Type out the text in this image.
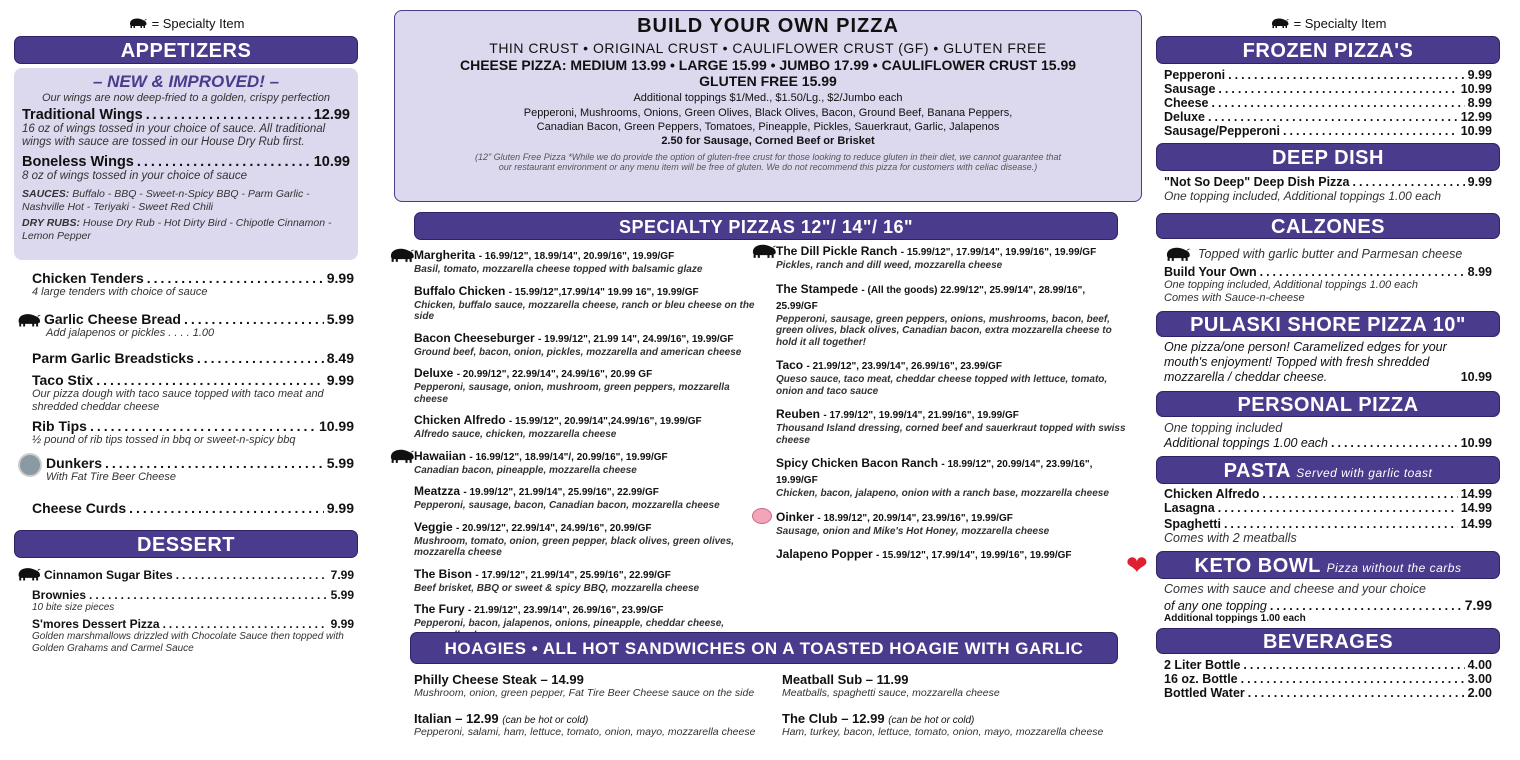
= Specialty Item
APPETIZERS
– NEW & IMPROVED! –
Our wings are now deep-fried to a golden, crispy perfection
Traditional Wings .....	12.99
16 oz of wings tossed in your choice of sauce. All traditional wings with sauce are tossed in our House Dry Rub first.
Boneless Wings .....	10.99
8 oz of wings tossed in your choice of sauce
SAUCES: Buffalo - BBQ - Sweet-n-Spicy BBQ - Parm Garlic - Nashville Hot - Teriyaki - Sweet Red Chili
DRY RUBS: House Dry Rub - Hot Dirty Bird - Chipotle Cinnamon - Lemon Pepper
Chicken Tenders .....	9.99
4 large tenders with choice of sauce
Garlic Cheese Bread .....	5.99
Add jalapenos or pickles . . . . 1.00
Parm Garlic Breadsticks .....	8.49
Taco Stix .....	9.99
Our pizza dough with taco sauce topped with taco meat and shredded cheddar cheese
Rib Tips .....	10.99
½ pound of rib tips tossed in bbq or sweet-n-spicy bbq
Dunkers .....	5.99
With Fat Tire Beer Cheese
Cheese Curds .....	9.99
DESSERT
Cinnamon Sugar Bites .....	7.99
Brownies .....	5.99
10 bite size pieces
S'mores Dessert Pizza .....	9.99
Golden marshmallows drizzled with Chocolate Sauce then topped with Golden Grahams and Carmel Sauce
BUILD YOUR OWN PIZZA
THIN CRUST • ORIGINAL CRUST • CAULIFLOWER CRUST (GF) • GLUTEN FREE
CHEESE PIZZA: MEDIUM 13.99 • LARGE 15.99 • JUMBO 17.99 • CAULIFLOWER CRUST 15.99
GLUTEN FREE 15.99
Additional toppings $1/Med., $1.50/Lg., $2/Jumbo each
Pepperoni, Mushrooms, Onions, Green Olives, Black Olives, Bacon, Ground Beef, Banana Peppers,
Canadian Bacon, Green Peppers, Tomatoes, Pineapple, Pickles, Sauerkraut, Garlic, Jalapenos
2.50 for Sausage, Corned Beef or Brisket
(12" Gluten Free Pizza *While we do provide the option of gluten-free crust for those looking to reduce gluten in their diet, we cannot guarantee that
our restaurant environment or any menu item will be free of gluten. We do not recommend this pizza for customers with celiac disease.)
SPECIALTY PIZZAS 12"/ 14"/ 16"
Margherita - 16.99/12", 18.99/14", 20.99/16", 19.99/GF
Basil, tomato, mozzarella cheese topped with balsamic glaze
Buffalo Chicken - 15.99/12",17.99/14" 19.99 16", 19.99/GF
Chicken, buffalo sauce, mozzarella cheese, ranch or bleu cheese on the side
Bacon Cheeseburger - 19.99/12", 21.99 14", 24.99/16", 19.99/GF
Ground beef, bacon, onion, pickles, mozzarella and american cheese
Deluxe - 20.99/12", 22.99/14", 24.99/16", 20.99 GF
Pepperoni, sausage, onion, mushroom, green peppers, mozzarella cheese
Chicken Alfredo - 15.99/12", 20.99/14",24.99/16", 19.99/GF
Alfredo sauce, chicken, mozzarella cheese
Hawaiian - 16.99/12", 18.99/14"/, 20.99/16", 19.99/GF
Canadian bacon, pineapple, mozzarella cheese
Meatzza - 19.99/12", 21.99/14", 25.99/16", 22.99/GF
Pepperoni, sausage, bacon, Canadian bacon, mozzarella cheese
Veggie - 20.99/12", 22.99/14", 24.99/16", 20.99/GF
Mushroom, tomato, onion, green pepper, black olives, green olives, mozzarella cheese
The Bison - 17.99/12", 21.99/14", 25.99/16", 22.99/GF
Beef brisket, BBQ or sweet & spicy BBQ, mozzarella cheese
The Fury - 21.99/12", 23.99/14", 26.99/16", 23.99/GF
Pepperoni, bacon, jalapenos, onions, pineapple, cheddar cheese,
The Dill Pickle Ranch - 15.99/12", 17.99/14", 19.99/16", 19.99/GF
Pickles, ranch and dill weed, mozzarella cheese
The Stampede - (All the goods) 22.99/12", 25.99/14", 28.99/16", 25.99/GF
Pepperoni, sausage, green peppers, onions, mushrooms, bacon, beef, green olives, black olives, Canadian bacon, extra mozzarella cheese to hold it all together!
Taco - 21.99/12", 23.99/14", 26.99/16", 23.99/GF
Queso sauce, taco meat, cheddar cheese topped with lettuce, tomato, onion and taco sauce
Reuben - 17.99/12", 19.99/14", 21.99/16", 19.99/GF
Thousand Island dressing, corned beef and sauerkraut topped with swiss cheese
Spicy Chicken Bacon Ranch - 18.99/12", 20.99/14", 23.99/16", 19.99/GF
Chicken, bacon, jalapeno, onion with a ranch base, mozzarella cheese
Oinker - 18.99/12", 20.99/14", 23.99/16", 19.99/GF
Sausage, onion and Mike's Hot Honey, mozzarella cheese
Jalapeno Popper - 15.99/12", 17.99/14", 19.99/16", 19.99/GF
HOAGIES • ALL HOT SANDWICHES ON A TOASTED HOAGIE WITH GARLIC BUTTER
Philly Cheese Steak – 14.99
Mushroom, onion, green pepper, Fat Tire Beer Cheese sauce on the side
Meatball Sub – 11.99
Meatballs, spaghetti sauce, mozzarella cheese
Italian – 12.99 (can be hot or cold)
Pepperoni, salami, ham, lettuce, tomato, onion, mayo, mozzarella cheese
The Club – 12.99 (can be hot or cold)
Ham, turkey, bacon, lettuce, tomato, onion, mayo, mozzarella cheese
= Specialty Item
FROZEN PIZZA'S
Pepperoni .....	9.99
Sausage .....	10.99
Cheese .....	8.99
Deluxe .....	12.99
Sausage/Pepperoni .....	10.99
DEEP DISH
"Not So Deep" Deep Dish Pizza .....	9.99
One topping included, Additional toppings 1.00 each
CALZONES
Topped with garlic butter and Parmesan cheese
Build Your Own .....	8.99
One topping included, Additional toppings 1.00 each
Comes with Sauce-n-cheese
PULASKI SHORE PIZZA 10"
One pizza/one person! Caramelized edges for your mouth's enjoyment! Topped with fresh shredded mozzarella / cheddar cheese.	10.99
PERSONAL PIZZA
One topping included
Additional toppings 1.00 each .....	10.99
PASTA Served with garlic toast
Chicken Alfredo .....	14.99
Lasagna .....	14.99
Spaghetti .....	14.99
Comes with 2 meatballs
❤	KETO BOWL Pizza without the carbs
Comes with sauce and cheese and your choice
of any one topping .....	7.99
Additional toppings 1.00 each
BEVERAGES
2 Liter Bottle .....	4.00
16 oz. Bottle .....	3.00
Bottled Water .....	2.00
